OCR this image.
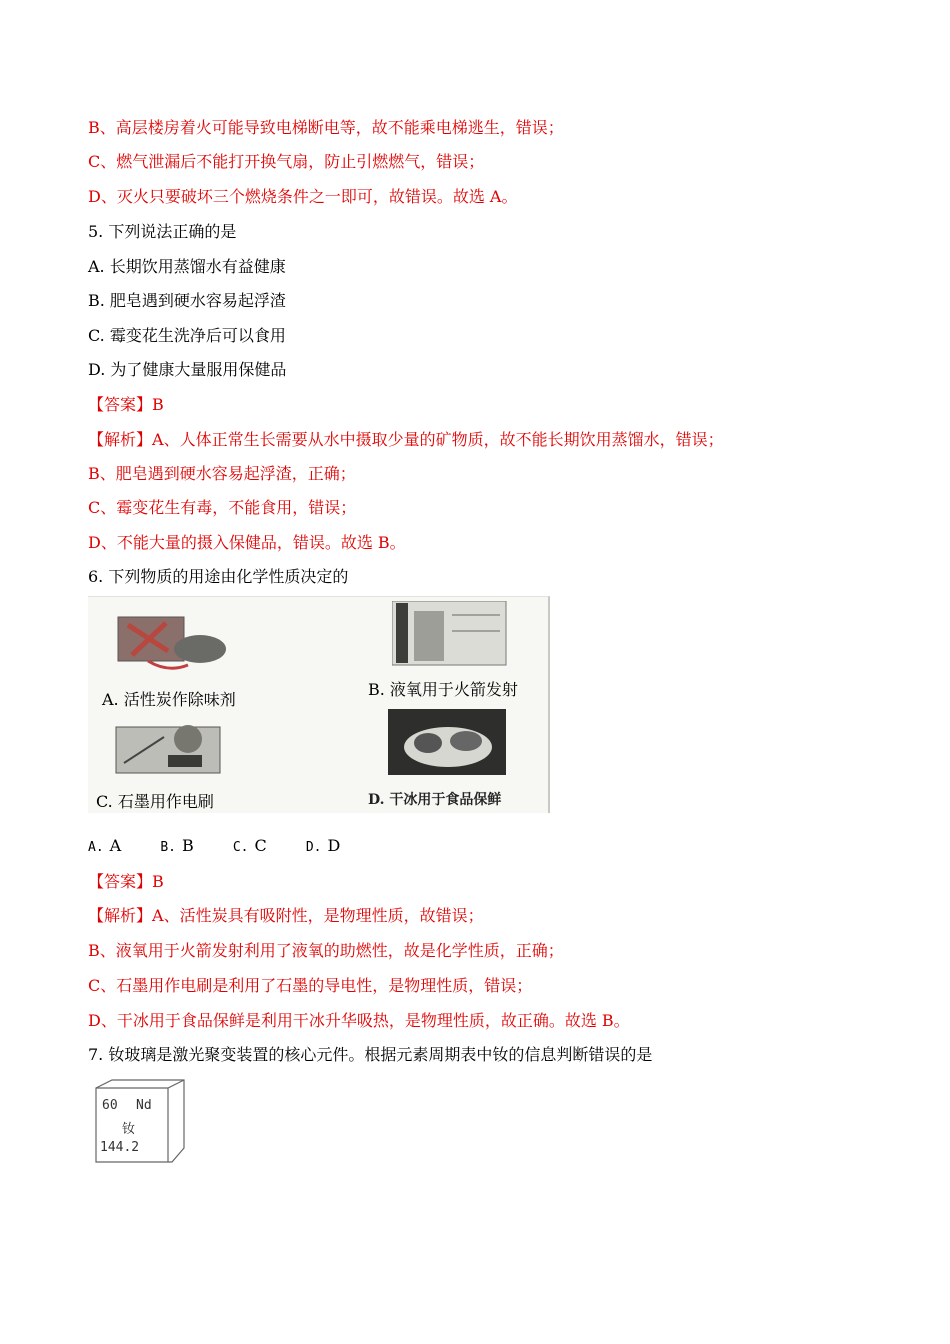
B、高层楼房着火可能导致电梯断电等，故不能乘电梯逃生，错误；
C、燃气泄漏后不能打开换气扇，防止引燃燃气，错误；
D、灭火只要破坏三个燃烧条件之一即可，故错误。故选 A。
5. 下列说法正确的是
A. 长期饮用蒸馏水有益健康
B. 肥皂遇到硬水容易起浮渣
C. 霉变花生洗净后可以食用
D. 为了健康大量服用保健品
【答案】B
【解析】A、人体正常生长需要从水中摄取少量的矿物质，故不能长期饮用蒸馏水，错误；
B、肥皂遇到硬水容易起浮渣，正确；
C、霉变花生有毒，不能食用，错误；
D、不能大量的摄入保健品，错误。故选 B。
6. 下列物质的用途由化学性质决定的
A. 活性炭作除味剂
B. 液氧用于火箭发射
C. 石墨用作电刷	D. 干冰用于食品保鲜
A. A	B. B	C. C	D. D
【答案】B
【解析】A、活性炭具有吸附性，是物理性质，故错误；
B、液氧用于火箭发射利用了液氧的助燃性，故是化学性质，正确；
C、石墨用作电刷是利用了石墨的导电性，是物理性质，错误；
D、干冰用于食品保鲜是利用干冰升华吸热，是物理性质，故正确。故选 B。
7. 钕玻璃是激光聚变装置的核心元件。根据元素周期表中钕的信息判断错误的是
60 Nd
钕
144.2
